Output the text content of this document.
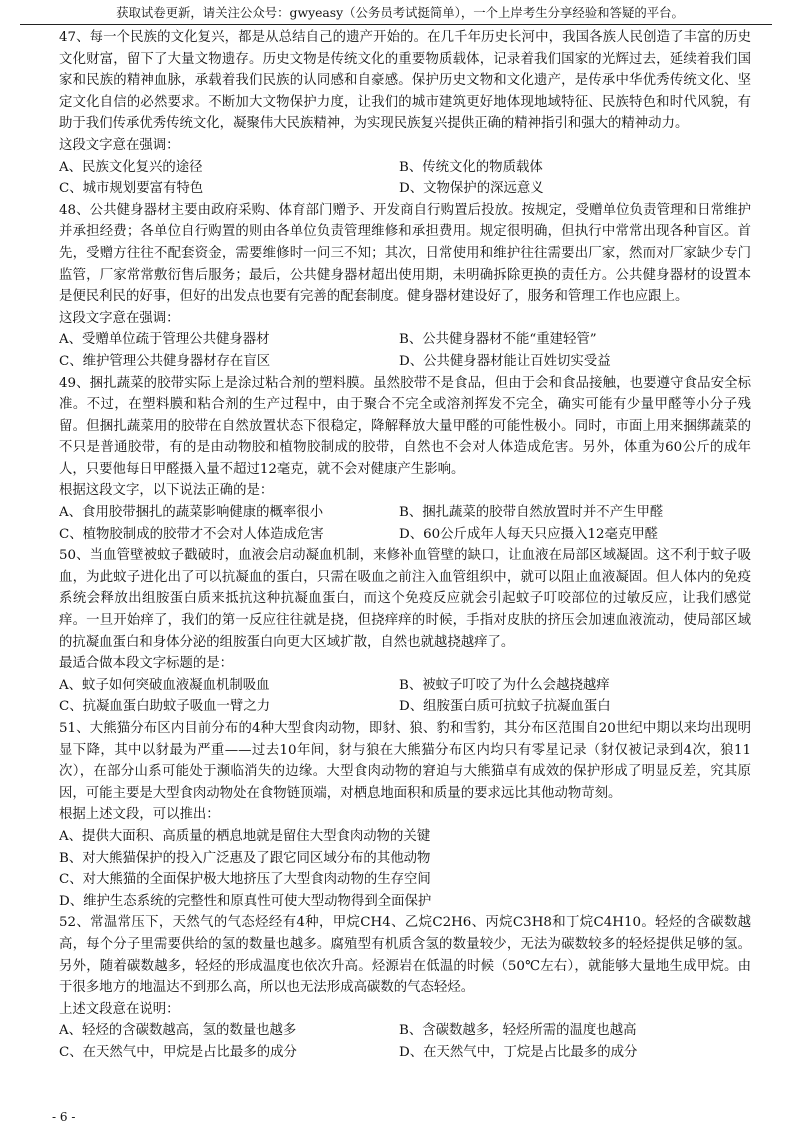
获取试卷更新，请关注公众号：gwyeasy（公务员考试挺简单），一个上岸考生分享经验和答疑的平台。

47、每一个民族的文化复兴，都是从总结自己的遗产开始的。在几千年历史长河中，我国各族人民创造了丰富的历史文化财富，留下了大量文物遗存。历史文物是传统文化的重要物质载体，记录着我们国家的光辉过去，延续着我们国家和民族的精神血脉，承载着我们民族的认同感和自豪感。保护历史文物和文化遗产，是传承中华优秀传统文化、坚定文化自信的必然要求。不断加大文物保护力度，让我们的城市建筑更好地体现地域特征、民族特色和时代风貌，有助于我们传承优秀传统文化，凝聚伟大民族精神，为实现民族复兴提供正确的精神指引和强大的精神动力。

这段文字意在强调：

A、民族文化复兴的途径	B、传统文化的物质载体
C、城市规划要富有特色	D、文物保护的深远意义

48、公共健身器材主要由政府采购、体育部门赠予、开发商自行购置后投放。按规定，受赠单位负责管理和日常维护并承担经费；各单位自行购置的则由各单位负责管理维修和承担费用。规定很明确，但执行中常常出现各种盲区。首先，受赠方往往不配套资金，需要维修时一问三不知；其次，日常使用和维护往往需要出厂家，然而对厂家缺少专门监管，厂家常常敷衍售后服务；最后，公共健身器材超出使用期，未明确拆除更换的责任方。公共健身器材的设置本是便民利民的好事，但好的出发点也要有完善的配套制度。健身器材建设好了，服务和管理工作也应跟上。

这段文字意在强调：

A、受赠单位疏于管理公共健身器材	B、公共健身器材不能“重建轻管”
C、维护管理公共健身器材存在盲区	D、公共健身器材能让百姓切实受益

49、捆扎蔬菜的胶带实际上是涂过粘合剂的塑料膜。虽然胶带不是食品，但由于会和食品接触，也要遵守食品安全标准。不过，在塑料膜和粘合剂的生产过程中，由于聚合不完全或溶剂挥发不完全，确实可能有少量甲醛等小分子残留。但捆扎蔬菜用的胶带在自然放置状态下很稳定，降解释放大量甲醛的可能性极小。同时，市面上用来捆绑蔬菜的不只是普通胶带，有的是由动物胶和植物胶制成的胶带，自然也不会对人体造成危害。另外，体重为60公斤的成年人，只要他每日甲醛摄入量不超过12毫克，就不会对健康产生影响。

根据这段文字，以下说法正确的是：

A、食用胶带捆扎的蔬菜影响健康的概率很小	B、捆扎蔬菜的胶带自然放置时并不产生甲醛
C、植物胶制成的胶带才不会对人体造成危害	D、60公斤成年人每天只应摄入12毫克甲醛

50、当血管壁被蚊子戳破时，血液会启动凝血机制，来修补血管壁的缺口，让血液在局部区域凝固。这不利于蚊子吸血，为此蚊子进化出了可以抗凝血的蛋白，只需在吸血之前注入血管组织中，就可以阻止血液凝固。但人体内的免疫系统会释放出组胺蛋白质来抵抗这种抗凝血蛋白，而这个免疫反应就会引起蚊子叮咬部位的过敏反应，让我们感觉痒。一旦开始痒了，我们的第一反应往往就是挠，但挠痒痒的时候，手指对皮肤的挤压会加速血液流动，使局部区域的抗凝血蛋白和身体分泌的组胺蛋白向更大区域扩散，自然也就越挠越痒了。

最适合做本段文字标题的是：

A、蚊子如何突破血液凝血机制吸血	B、被蚊子叮咬了为什么会越挠越痒
C、抗凝血蛋白助蚊子吸血一臂之力	D、组胺蛋白质可抗蚊子抗凝血蛋白

51、大熊猫分布区内目前分布的4种大型食肉动物，即豺、狼、豹和雪豹，其分布区范围自20世纪中期以来均出现明显下降，其中以豺最为严重——过去10年间，豺与狼在大熊猫分布区内均只有零星记录（豺仅被记录到4次，狼11次），在部分山系可能处于濒临消失的边缘。大型食肉动物的窘迫与大熊猫卓有成效的保护形成了明显反差，究其原因，可能主要是大型食肉动物处在食物链顶端，对栖息地面积和质量的要求远比其他动物苛刻。

根据上述文段，可以推出：

A、提供大面积、高质量的栖息地就是留住大型食肉动物的关键
B、对大熊猫保护的投入广泛惠及了跟它同区域分布的其他动物
C、对大熊猫的全面保护极大地挤压了大型食肉动物的生存空间
D、维护生态系统的完整性和原真性可使大型动物得到全面保护

52、常温常压下，天然气的气态烃经有4种，甲烷CH4、乙烷C2H6、丙烷C3H8和丁烷C4H10。轻烃的含碳数越高，每个分子里需要供给的氢的数量也越多。腐殖型有机质含氢的数量较少，无法为碳数较多的轻烃提供足够的氢。另外，随着碳数越多，轻烃的形成温度也依次升高。烃源岩在低温的时候（50℃左右），就能够大量地生成甲烷。由于很多地方的地温达不到那么高，所以也无法形成高碳数的气态轻烃。

上述文段意在说明：

A、轻烃的含碳数越高，氢的数量也越多	B、含碳数越多，轻烃所需的温度也越高
C、在天然气中，甲烷是占比最多的成分	D、在天然气中，丁烷是占比最多的成分
- 6 -
